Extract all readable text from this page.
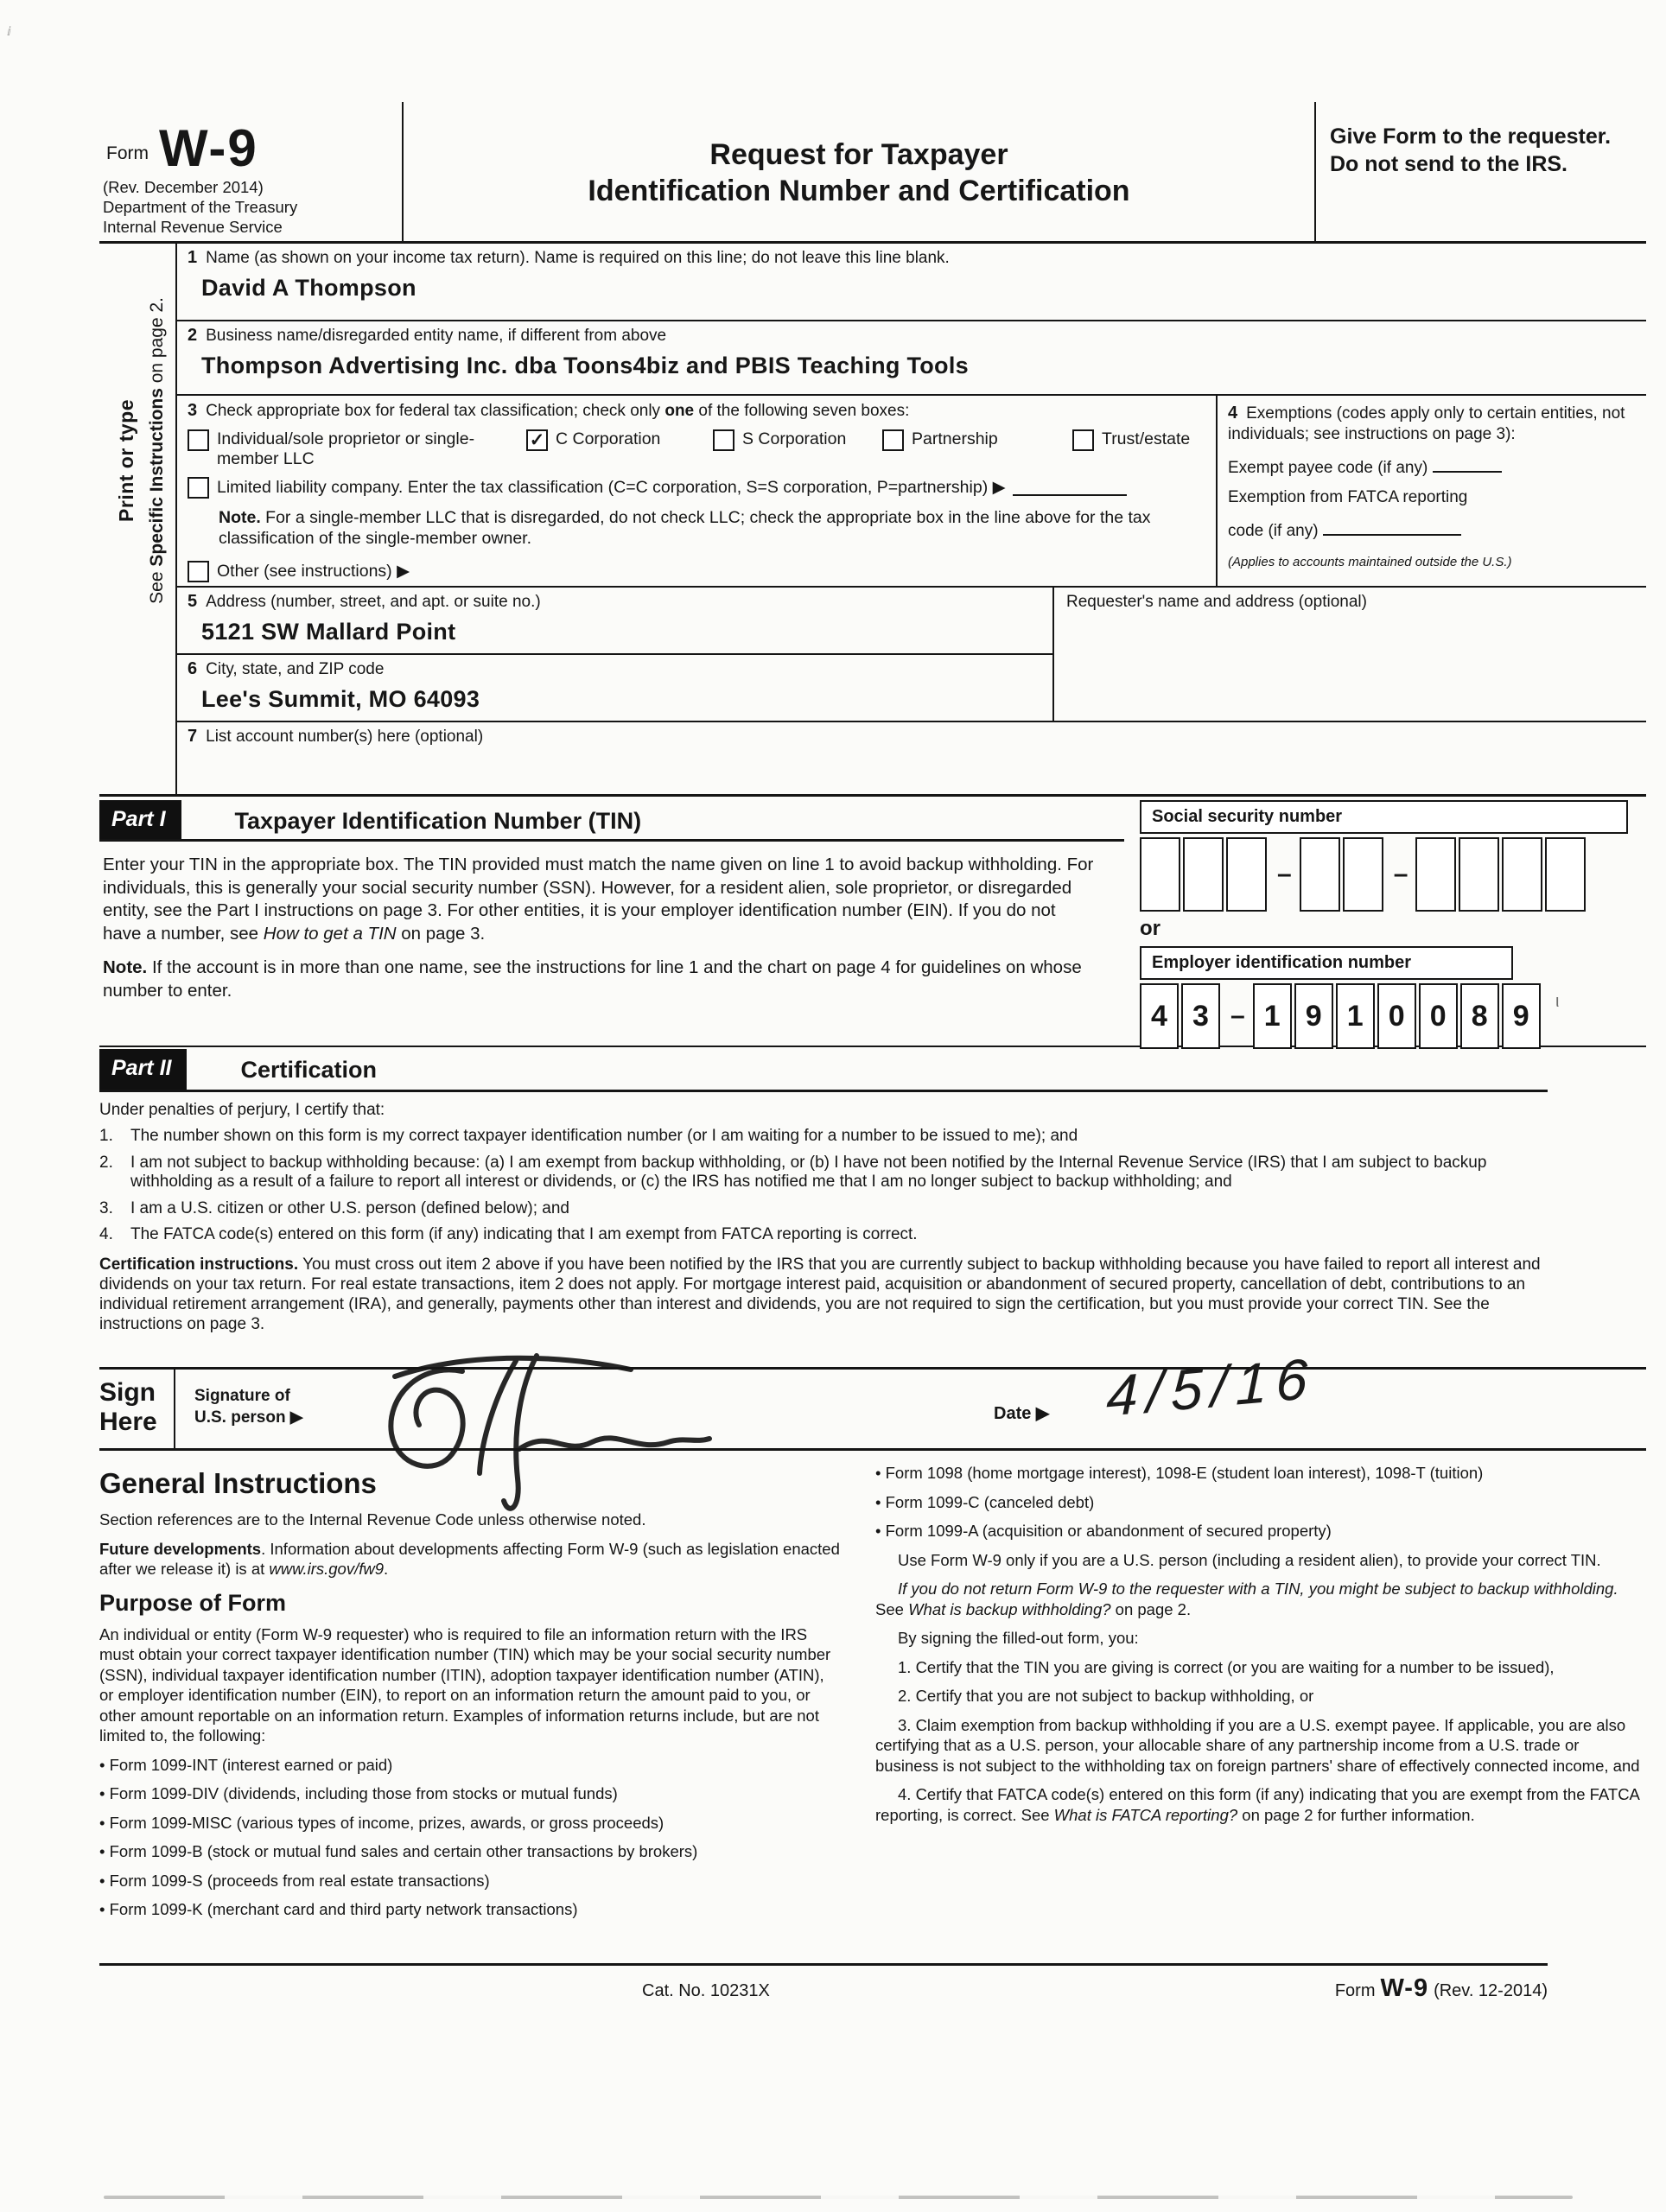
Form W-9
(Rev. December 2014)
Department of the Treasury
Internal Revenue Service
Request for Taxpayer
Identification Number and Certification
Give Form to the requester. Do not send to the IRS.
Print or type
See Specific Instructions on page 2.
1 Name (as shown on your income tax return). Name is required on this line; do not leave this line blank.
David A Thompson
2 Business name/disregarded entity name, if different from above
Thompson Advertising Inc. dba Toons4biz and PBIS Teaching Tools
3 Check appropriate box for federal tax classification; check only one of the following seven boxes:
Individual/sole proprietor or single-member LLC
✓ C Corporation	S Corporation	Partnership	Trust/estate
Limited liability company. Enter the tax classification (C=C corporation, S=S corporation, P=partnership) ▶
Note. For a single-member LLC that is disregarded, do not check LLC; check the appropriate box in the line above for the tax classification of the single-member owner.
Other (see instructions) ▶
4 Exemptions (codes apply only to certain entities, not individuals; see instructions on page 3):
Exempt payee code (if any)
Exemption from FATCA reporting
code (if any)
(Applies to accounts maintained outside the U.S.)
5 Address (number, street, and apt. or suite no.)
5121 SW Mallard Point
6 City, state, and ZIP code
Lee's Summit, MO 64093
Requester's name and address (optional)
7 List account number(s) here (optional)
Part I	Taxpayer Identification Number (TIN)
Enter your TIN in the appropriate box. The TIN provided must match the name given on line 1 to avoid backup withholding. For individuals, this is generally your social security number (SSN). However, for a resident alien, sole proprietor, or disregarded entity, see the Part I instructions on page 3. For other entities, it is your employer identification number (EIN). If you do not have a number, see How to get a TIN on page 3.
Note. If the account is in more than one name, see the instructions for line 1 and the chart on page 4 for guidelines on whose number to enter.
Social security number
–	–
or
Employer identification number
4 3 – 1 9 1 0 0 8 9
Part II	Certification
Under penalties of perjury, I certify that:
1.	The number shown on this form is my correct taxpayer identification number (or I am waiting for a number to be issued to me); and
2.	I am not subject to backup withholding because: (a) I am exempt from backup withholding, or (b) I have not been notified by the Internal Revenue Service (IRS) that I am subject to backup withholding as a result of a failure to report all interest or dividends, or (c) the IRS has notified me that I am no longer subject to backup withholding; and
3.	I am a U.S. citizen or other U.S. person (defined below); and
4.	The FATCA code(s) entered on this form (if any) indicating that I am exempt from FATCA reporting is correct.
Certification instructions. You must cross out item 2 above if you have been notified by the IRS that you are currently subject to backup withholding because you have failed to report all interest and dividends on your tax return. For real estate transactions, item 2 does not apply. For mortgage interest paid, acquisition or abandonment of secured property, cancellation of debt, contributions to an individual retirement arrangement (IRA), and generally, payments other than interest and dividends, you are not required to sign the certification, but you must provide your correct TIN. See the instructions on page 3.
Sign
Here
Signature of
U.S. person ▶	Date ▶ 4/5/16
General Instructions
Section references are to the Internal Revenue Code unless otherwise noted.
Future developments. Information about developments affecting Form W-9 (such as legislation enacted after we release it) is at www.irs.gov/fw9.
Purpose of Form
An individual or entity (Form W-9 requester) who is required to file an information return with the IRS must obtain your correct taxpayer identification number (TIN) which may be your social security number (SSN), individual taxpayer identification number (ITIN), adoption taxpayer identification number (ATIN), or employer identification number (EIN), to report on an information return the amount paid to you, or other amount reportable on an information return. Examples of information returns include, but are not limited to, the following:
• Form 1099-INT (interest earned or paid)
• Form 1099-DIV (dividends, including those from stocks or mutual funds)
• Form 1099-MISC (various types of income, prizes, awards, or gross proceeds)
• Form 1099-B (stock or mutual fund sales and certain other transactions by brokers)
• Form 1099-S (proceeds from real estate transactions)
• Form 1099-K (merchant card and third party network transactions)
• Form 1098 (home mortgage interest), 1098-E (student loan interest), 1098-T (tuition)
• Form 1099-C (canceled debt)
• Form 1099-A (acquisition or abandonment of secured property)
Use Form W-9 only if you are a U.S. person (including a resident alien), to provide your correct TIN.
If you do not return Form W-9 to the requester with a TIN, you might be subject to backup withholding. See What is backup withholding? on page 2.
By signing the filled-out form, you:
1. Certify that the TIN you are giving is correct (or you are waiting for a number to be issued),
2. Certify that you are not subject to backup withholding, or
3. Claim exemption from backup withholding if you are a U.S. exempt payee. If applicable, you are also certifying that as a U.S. person, your allocable share of any partnership income from a U.S. trade or business is not subject to the withholding tax on foreign partners' share of effectively connected income, and
4. Certify that FATCA code(s) entered on this form (if any) indicating that you are exempt from the FATCA reporting, is correct. See What is FATCA reporting? on page 2 for further information.
Cat. No. 10231X	Form W-9 (Rev. 12-2014)
ⅈ
ι
